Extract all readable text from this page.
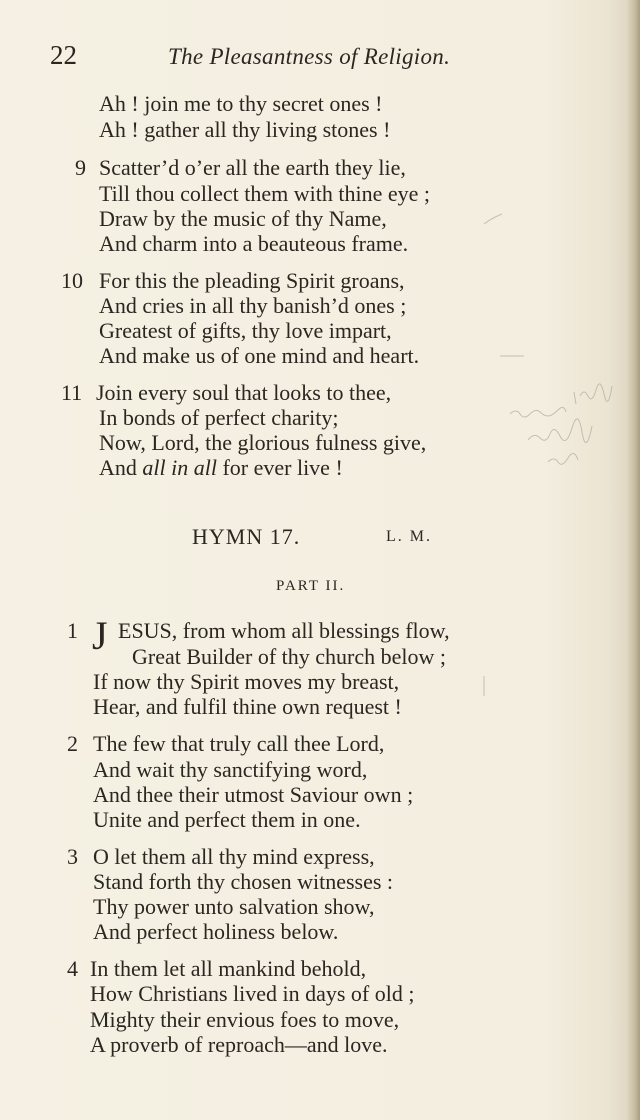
22	The Pleasantness of Religion.
Ah ! join me to thy secret ones !
Ah ! gather all thy living stones !
9 Scatter’d o’er all the earth they lie,
Till thou collect them with thine eye ;
Draw by the music of thy Name,
And charm into a beauteous frame.
10 For this the pleading Spirit groans,
And cries in all thy banish’d ones ;
Greatest of gifts, thy love impart,
And make us of one mind and heart.
11 Join every soul that looks to thee,
In bonds of perfect charity;
Now, Lord, the glorious fulness give,
And all in all for ever live !
HYMN 17.	L. M.
PART II.
1 J ESUS, from whom all blessings flow,
Great Builder of thy church below ;
If now thy Spirit moves my breast,
Hear, and fulfil thine own request !
2 The few that truly call thee Lord,
And wait thy sanctifying word,
And thee their utmost Saviour own ;
Unite and perfect them in one.
3 O let them all thy mind express,
Stand forth thy chosen witnesses :
Thy power unto salvation show,
And perfect holiness below.
4 In them let all mankind behold,
How Christians lived in days of old ;
Mighty their envious foes to move,
A proverb of reproach—and love.
